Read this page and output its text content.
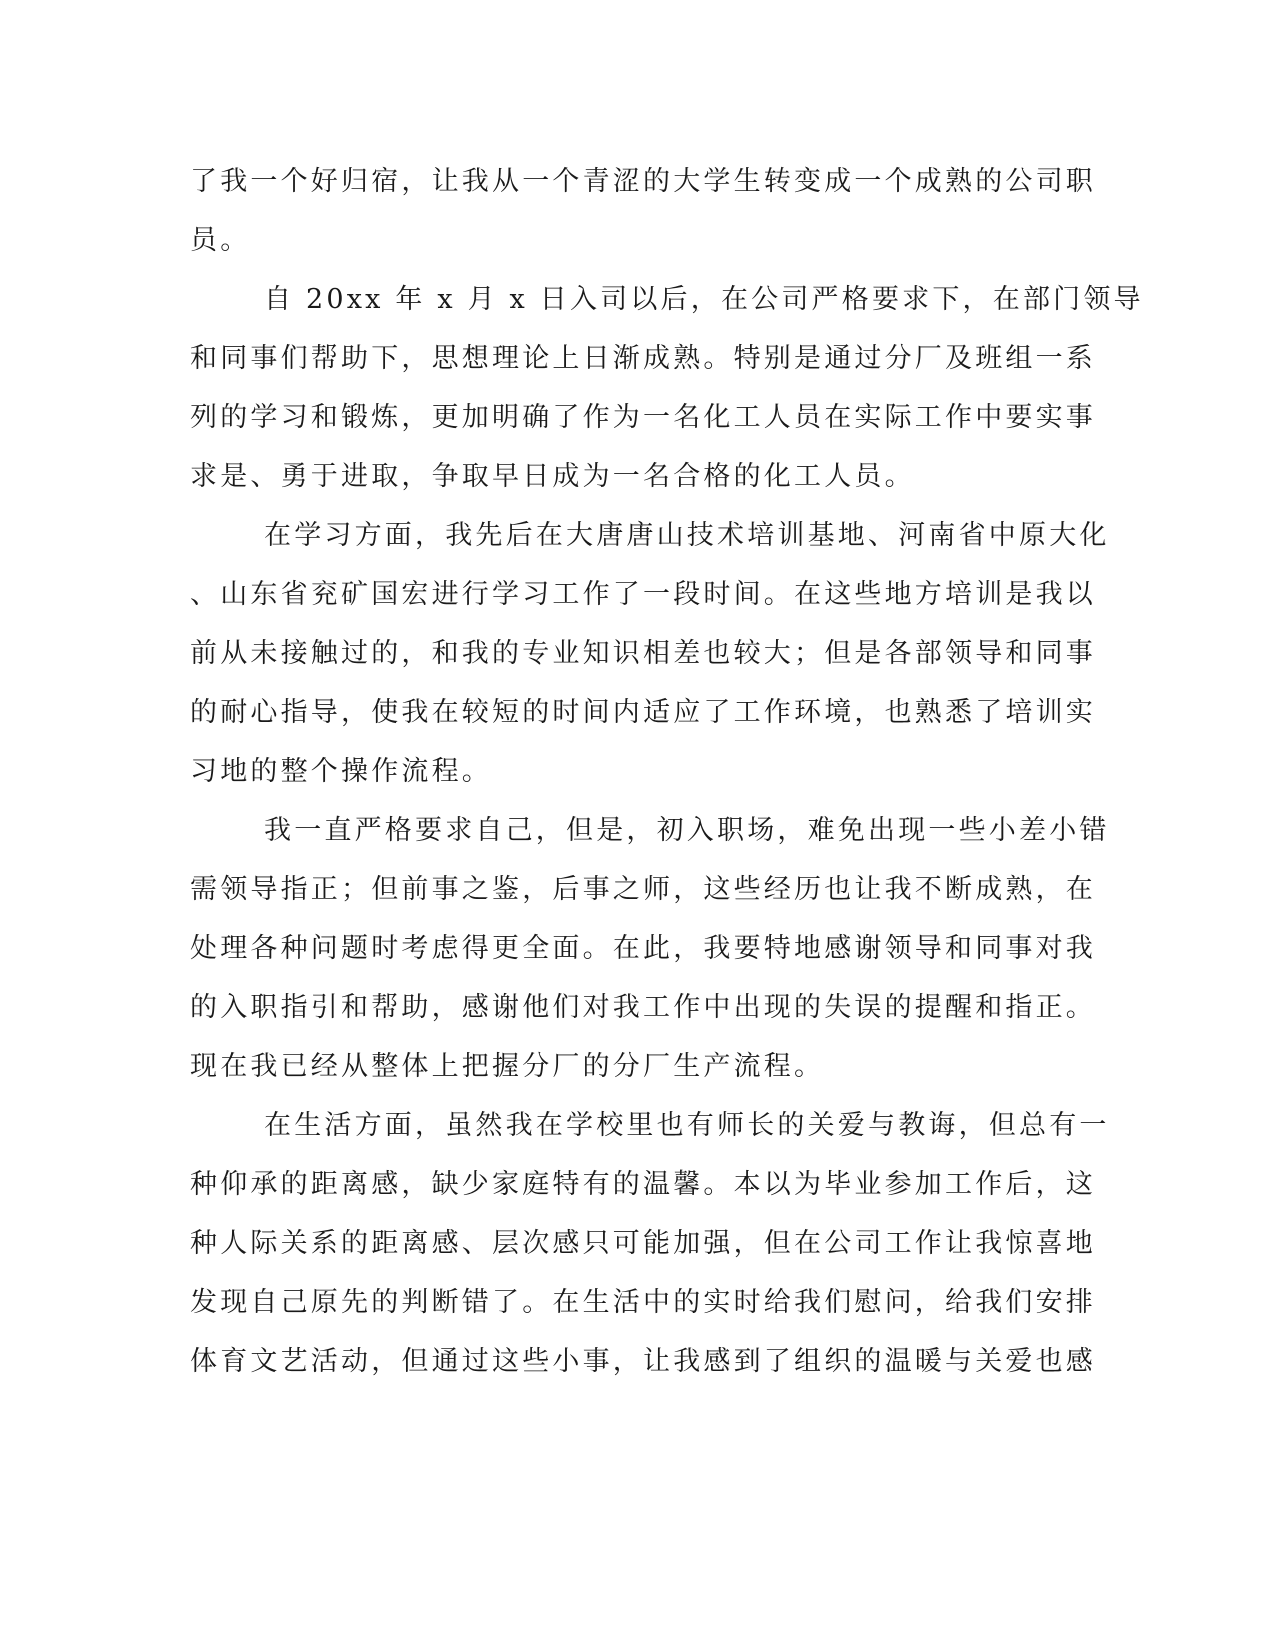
了我一个好归宿，让我从一个青涩的大学生转变成一个成熟的公司职
员。
自 20xx 年 x 月 x 日入司以后，在公司严格要求下，在部门领导
和同事们帮助下，思想理论上日渐成熟。特别是通过分厂及班组一系
列的学习和锻炼，更加明确了作为一名化工人员在实际工作中要实事
求是、勇于进取，争取早日成为一名合格的化工人员。
在学习方面，我先后在大唐唐山技术培训基地、河南省中原大化
、山东省兖矿国宏进行学习工作了一段时间。在这些地方培训是我以
前从未接触过的，和我的专业知识相差也较大；但是各部领导和同事
的耐心指导，使我在较短的时间内适应了工作环境，也熟悉了培训实
习地的整个操作流程。
我一直严格要求自己，但是，初入职场，难免出现一些小差小错
需领导指正；但前事之鉴，后事之师，这些经历也让我不断成熟，在
处理各种问题时考虑得更全面。在此，我要特地感谢领导和同事对我
的入职指引和帮助，感谢他们对我工作中出现的失误的提醒和指正。
现在我已经从整体上把握分厂的分厂生产流程。
在生活方面，虽然我在学校里也有师长的关爱与教诲，但总有一
种仰承的距离感，缺少家庭特有的温馨。本以为毕业参加工作后，这
种人际关系的距离感、层次感只可能加强，但在公司工作让我惊喜地
发现自己原先的判断错了。在生活中的实时给我们慰问，给我们安排
体育文艺活动，但通过这些小事，让我感到了组织的温暖与关爱也感
